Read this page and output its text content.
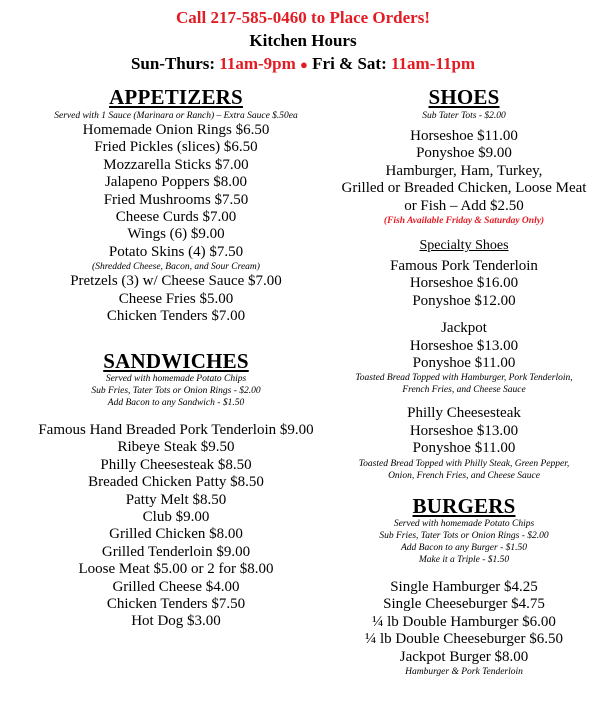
Call 217-585-0460 to Place Orders!
Kitchen Hours
Sun-Thurs: 11am-9pm ● Fri & Sat: 11am-11pm
APPETIZERS
Served with 1 Sauce (Marinara or Ranch) – Extra Sauce $.50ea
Homemade Onion Rings $6.50
Fried Pickles (slices) $6.50
Mozzarella Sticks $7.00
Jalapeno Poppers $8.00
Fried Mushrooms $7.50
Cheese Curds $7.00
Wings (6) $9.00
Potato Skins (4) $7.50
(Shredded Cheese, Bacon, and Sour Cream)
Pretzels (3) w/ Cheese Sauce $7.00
Cheese Fries $5.00
Chicken Tenders $7.00
SANDWICHES
Served with homemade Potato Chips
Sub Fries, Tater Tots or Onion Rings - $2.00
Add Bacon to any Sandwich - $1.50
Famous Hand Breaded Pork Tenderloin $9.00
Ribeye Steak $9.50
Philly Cheesesteak $8.50
Breaded Chicken Patty $8.50
Patty Melt $8.50
Club $9.00
Grilled Chicken $8.00
Grilled Tenderloin $9.00
Loose Meat $5.00 or 2 for $8.00
Grilled Cheese $4.00
Chicken Tenders $7.50
Hot Dog $3.00
SHOES
Sub Tater Tots - $2.00
Horseshoe $11.00
Ponyshoe $9.00
Hamburger, Ham, Turkey,
Grilled or Breaded Chicken, Loose Meat
or Fish – Add $2.50
(Fish Available Friday & Saturday Only)
Specialty Shoes
Famous Pork Tenderloin
Horseshoe $16.00
Ponyshoe $12.00
Jackpot
Horseshoe $13.00
Ponyshoe $11.00
Toasted Bread Topped with Hamburger, Pork Tenderloin,
French Fries, and Cheese Sauce
Philly Cheesesteak
Horseshoe $13.00
Ponyshoe $11.00
Toasted Bread Topped with Philly Steak, Green Pepper,
Onion, French Fries, and Cheese Sauce
BURGERS
Served with homemade Potato Chips
Sub Fries, Tater Tots or Onion Rings - $2.00
Add Bacon to any Burger - $1.50
Make it a Triple - $1.50
Single Hamburger $4.25
Single Cheeseburger $4.75
¼ lb Double Hamburger $6.00
¼ lb Double Cheeseburger $6.50
Jackpot Burger $8.00
Hamburger & Pork Tenderloin
